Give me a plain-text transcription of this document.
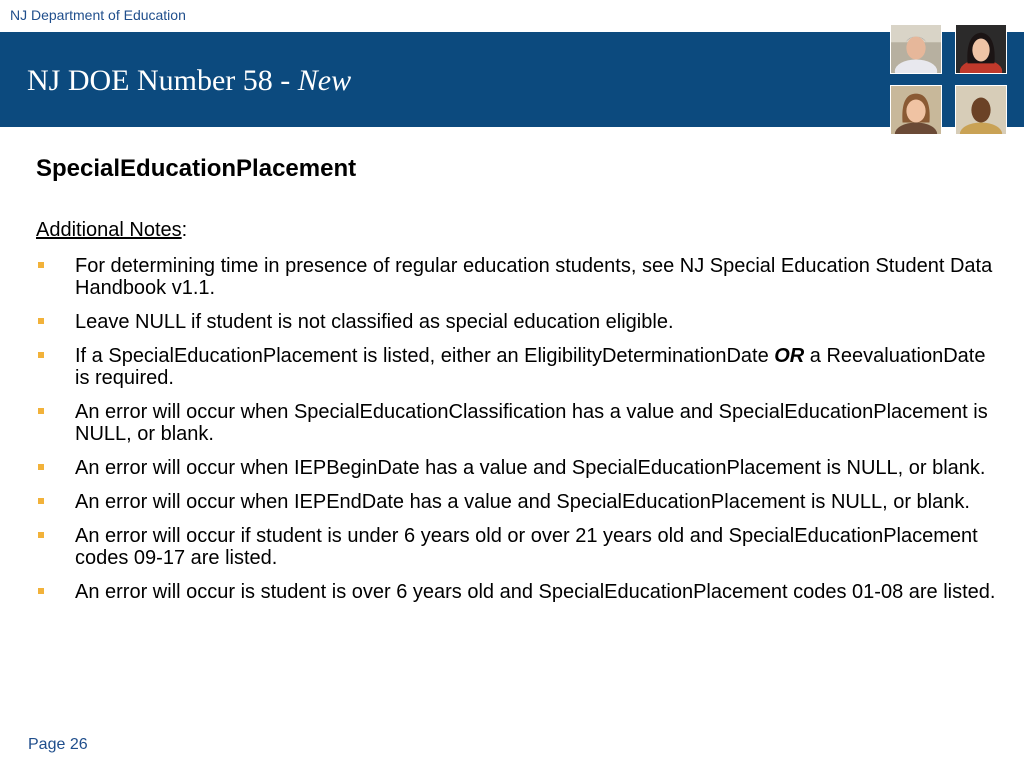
NJ Department of Education
NJ DOE Number 58 - New
SpecialEducationPlacement
Additional Notes:
For determining time in presence of regular education students, see NJ Special Education Student Data Handbook v1.1.
Leave NULL if student is not classified as special education eligible.
If a SpecialEducationPlacement is listed, either an EligibilityDeterminationDate OR a ReevaluationDate is required.
An error will occur when SpecialEducationClassification has a value and SpecialEducationPlacement is NULL, or blank.
An error will occur when IEPBeginDate has a value and SpecialEducationPlacement is NULL, or blank.
An error will occur when IEPEndDate has a value and SpecialEducationPlacement is NULL, or blank.
An error will occur if student is under 6 years old or over 21 years old and SpecialEducationPlacement codes 09-17 are listed.
An error will occur is student is over 6 years old and SpecialEducationPlacement codes 01-08 are listed.
Page 26
